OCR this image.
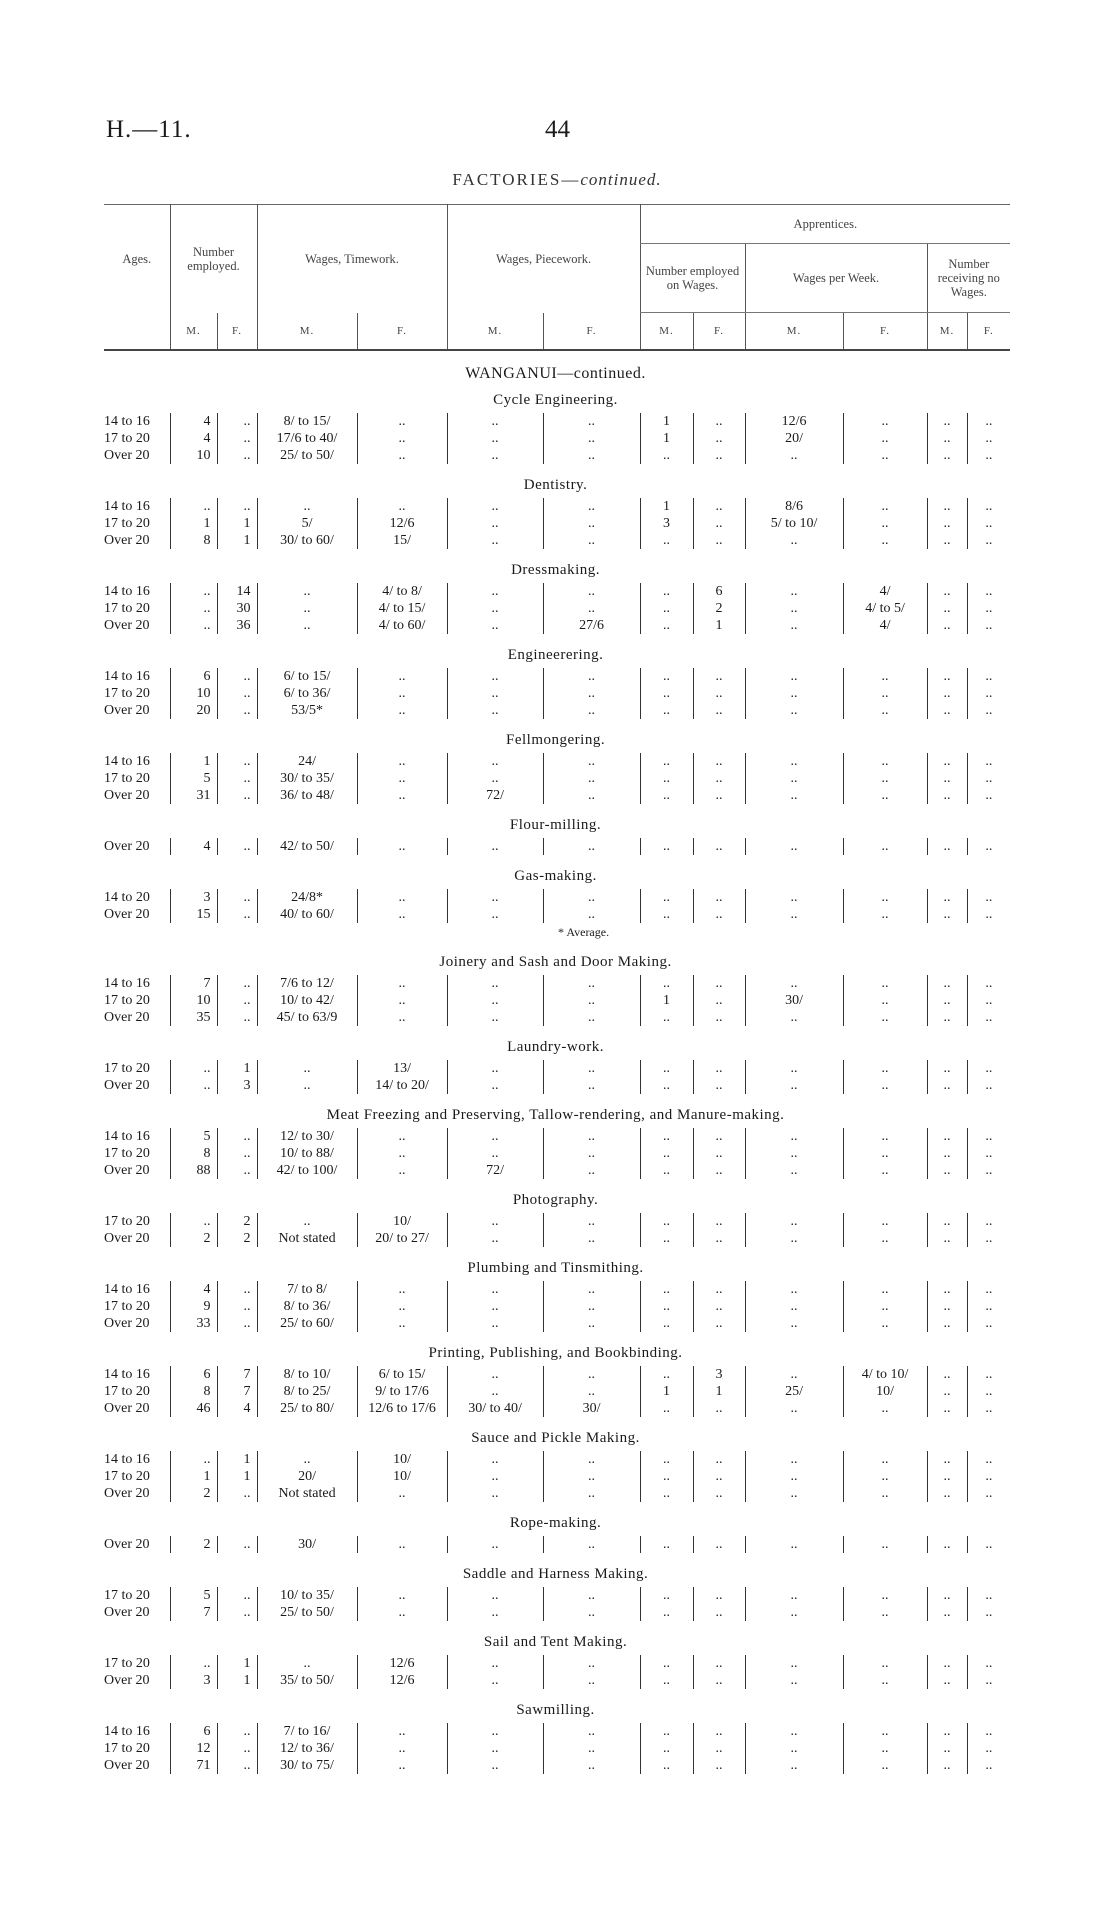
H.—11.	44
FACTORIES—continued.
Ages.	Number employed.		Wages, Timework.		Wages, Piecework.		Apprentices.					
							Number employed on Wages.		Wages per Week.		Number receiving no Wages.	
	M.	F.	M.	F.	M.	F.	M.	F.	M.	F.	M.	F.
WANGANUI—continued.												
Cycle Engineering.												
14 to 16	4	..	8/ to 15/	..	..	..	1	..	12/6	..	..	..
17 to 20	4	..	17/6 to 40/	..	..	..	1	..	20/	..	..	..
Over 20	10	..	25/ to 50/	..	..	..	..	..	..	..	..	..

Dentistry.												
14 to 16	..	..	..	..	..	..	1	..	8/6	..	..	..
17 to 20	1	1	5/	12/6	..	..	3	..	5/ to 10/	..	..	..
Over 20	8	1	30/ to 60/	15/	..	..	..	..	..	..	..	..

Dressmaking.												
14 to 16	..	14	..	4/ to 8/	..	..	..	6	..	4/	..	..
17 to 20	..	30	..	4/ to 15/	..	..	..	2	..	4/ to 5/	..	..
Over 20	..	36	..	4/ to 60/	..	27/6	..	1	..	4/	..	..

Engineerering.												
14 to 16	6	..	6/ to 15/	..	..	..	..	..	..	..	..	..
17 to 20	10	..	6/ to 36/	..	..	..	..	..	..	..	..	..
Over 20	20	..	53/5*	..	..	..	..	..	..	..	..	..

Fellmongering.												
14 to 16	1	..	24/	..	..	..	..	..	..	..	..	..
17 to 20	5	..	30/ to 35/	..	..	..	..	..	..	..	..	..
Over 20	31	..	36/ to 48/	..	72/	..	..	..	..	..	..	..

Flour-milling.												
Over 20	4	..	42/ to 50/	..	..	..	..	..	..	..	..	..

Gas-making.												
14 to 20	3	..	24/8*	..	..	..	..	..	..	..	..	..
Over 20	15	..	40/ to 60/	..	..	..	..	..	..	..	..	..
* Average.												

Joinery and Sash and Door Making.												
14 to 16	7	..	7/6 to 12/	..	..	..	..	..	..	..	..	..
17 to 20	10	..	10/ to 42/	..	..	..	1	..	30/	..	..	..
Over 20	35	..	45/ to 63/9	..	..	..	..	..	..	..	..	..

Laundry-work.												
17 to 20	..	1	..	13/	..	..	..	..	..	..	..	..
Over 20	..	3	..	14/ to 20/	..	..	..	..	..	..	..	..

Meat Freezing and Preserving, Tallow-rendering, and Manure-making.												
14 to 16	5	..	12/ to 30/	..	..	..	..	..	..	..	..	..
17 to 20	8	..	10/ to 88/	..	..	..	..	..	..	..	..	..
Over 20	88	..	42/ to 100/	..	72/	..	..	..	..	..	..	..

Photography.												
17 to 20	..	2	..	10/	..	..	..	..	..	..	..	..
Over 20	2	2	Not stated	20/ to 27/	..	..	..	..	..	..	..	..

Plumbing and Tinsmithing.												
14 to 16	4	..	7/ to 8/	..	..	..	..	..	..	..	..	..
17 to 20	9	..	8/ to 36/	..	..	..	..	..	..	..	..	..
Over 20	33	..	25/ to 60/	..	..	..	..	..	..	..	..	..

Printing, Publishing, and Bookbinding.												
14 to 16	6	7	8/ to 10/	6/ to 15/	..	..	..	3	..	4/ to 10/	..	..
17 to 20	8	7	8/ to 25/	9/ to 17/6	..	..	1	1	25/	10/	..	..
Over 20	46	4	25/ to 80/	12/6 to 17/6	30/ to 40/	30/	..	..	..	..	..	..

Sauce and Pickle Making.												
14 to 16	..	1	..	10/	..	..	..	..	..	..	..	..
17 to 20	1	1	20/	10/	..	..	..	..	..	..	..	..
Over 20	2	..	Not stated	..	..	..	..	..	..	..	..	..

Rope-making.												
Over 20	2	..	30/	..	..	..	..	..	..	..	..	..

Saddle and Harness Making.												
17 to 20	5	..	10/ to 35/	..	..	..	..	..	..	..	..	..
Over 20	7	..	25/ to 50/	..	..	..	..	..	..	..	..	..

Sail and Tent Making.												
17 to 20	..	1	..	12/6	..	..	..	..	..	..	..	..
Over 20	3	1	35/ to 50/	12/6	..	..	..	..	..	..	..	..

Sawmilling.												
14 to 16	6	..	7/ to 16/	..	..	..	..	..	..	..	..	..
17 to 20	12	..	12/ to 36/	..	..	..	..	..	..	..	..	..
Over 20	71	..	30/ to 75/	..	..	..	..	..	..	..	..	..
